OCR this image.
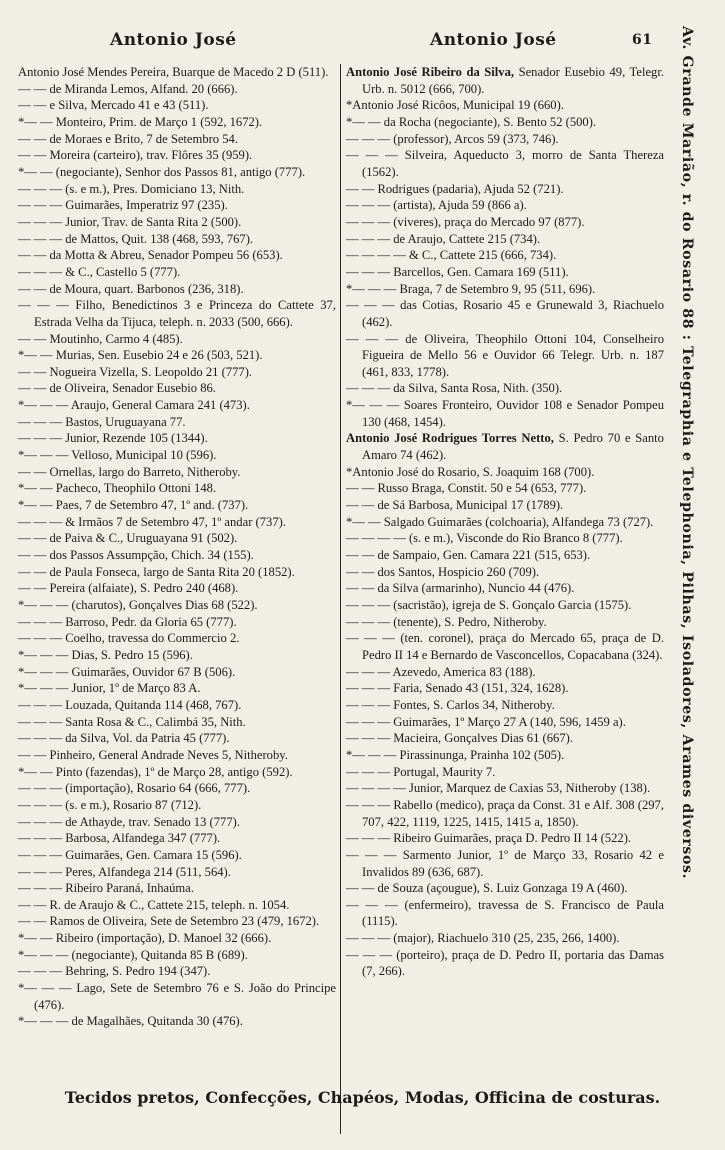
Antonio José	Antonio José	61
Antonio José Mendes Pereira, Buarque de Macedo 2 D (511).
— — de Miranda Lemos, Alfand. 20 (666).
— — e Silva, Mercado 41 e 43 (511).
*— — Monteiro, Prim. de Março 1 (592, 1672).
— — de Moraes e Brito, 7 de Setembro 54.
— — Moreira (carteiro), trav. Flôres 35 (959).
*— — (negociante), Senhor dos Passos 81, antigo (777).
— — — (s. e m.), Pres. Domiciano 13, Nith.
— — — Guimarães, Imperatriz 97 (235).
— — — Junior, Trav. de Santa Rita 2 (500).
— — — de Mattos, Quit. 138 (468, 593, 767).
— — da Motta & Abreu, Senador Pompeu 56 (653).
— — — & C., Castello 5 (777).
— — de Moura, quart. Barbonos (236, 318).
— — — Filho, Benedictinos 3 e Princeza do Cattete 37, Estrada Velha da Tijuca, teleph. n. 2033 (500, 666).
— — Moutinho, Carmo 4 (485).
*— — Murias, Sen. Eusebio 24 e 26 (503, 521).
— — Nogueira Vizella, S. Leopoldo 21 (777).
— — de Oliveira, Senador Eusebio 86.
*— — — Araujo, General Camara 241 (473).
— — — Bastos, Uruguayana 77.
— — — Junior, Rezende 105 (1344).
*— — — Velloso, Municipal 10 (596).
— — Ornellas, largo do Barreto, Nitheroby.
*— — Pacheco, Theophilo Ottoni 148.
*— — Paes, 7 de Setembro 47, 1º and. (737).
— — — & Irmãos 7 de Setembro 47, 1º andar (737).
— — de Paiva & C., Uruguayana 91 (502).
— — dos Passos Assumpção, Chich. 34 (155).
— — de Paula Fonseca, largo de Santa Rita 20 (1852).
— — Pereira (alfaiate), S. Pedro 240 (468).
*— — — (charutos), Gonçalves Dias 68 (522).
— — — Barroso, Pedr. da Gloria 65 (777).
— — — Coelho, travessa do Commercio 2.
*— — — Dias, S. Pedro 15 (596).
*— — — Guimarães, Ouvidor 67 B (506).
*— — — Junior, 1º de Março 83 A.
— — — Louzada, Quitanda 114 (468, 767).
— — — Santa Rosa & C., Calimbá 35, Nith.
— — — da Silva, Vol. da Patria 45 (777).
— — Pinheiro, General Andrade Neves 5, Nitheroby.
*— — Pinto (fazendas), 1º de Março 28, antigo (592).
— — — (importação), Rosario 64 (666, 777).
— — — (s. e m.), Rosario 87 (712).
— — — de Athayde, trav. Senado 13 (777).
— — — Barbosa, Alfandega 347 (777).
— — — Guimarães, Gen. Camara 15 (596).
— — — Peres, Alfandega 214 (511, 564).
— — — Ribeiro Paraná, Inhaúma.
— — R. de Araujo & C., Cattete 215, teleph. n. 1054.
— — Ramos de Oliveira, Sete de Setembro 23 (479, 1672).
*— — Ribeiro (importação), D. Manoel 32 (666).
*— — — (negociante), Quitanda 85 B (689).
— — — Behring, S. Pedro 194 (347).
*— — — Lago, Sete de Setembro 76 e S. João do Principe (476).
*— — — de Magalhães, Quitanda 30 (476).
Antonio José Ribeiro da Silva, Senador Eusebio 49, Telegr. Urb. n. 5012 (666, 700).
*Antonio José Ricôos, Municipal 19 (660).
*— — da Rocha (negociante), S. Bento 52 (500).
— — — (professor), Arcos 59 (373, 746).
— — — Silveira, Aqueducto 3, morro de Santa Thereza (1562).
— — Rodrigues (padaria), Ajuda 52 (721).
— — — (artista), Ajuda 59 (866 a).
— — — (viveres), praça do Mercado 97 (877).
— — — de Araujo, Cattete 215 (734).
— — — — & C., Cattete 215 (666, 734).
— — — Barcellos, Gen. Camara 169 (511).
*— — — Braga, 7 de Setembro 9, 95 (511, 696).
— — — das Cotias, Rosario 45 e Grunewald 3, Riachuelo (462).
— — — de Oliveira, Theophilo Ottoni 104, Conselheiro Figueira de Mello 56 e Ouvidor 66 Telegr. Urb. n. 187 (461, 833, 1778).
— — — da Silva, Santa Rosa, Nith. (350).
*— — — Soares Fronteiro, Ouvidor 108 e Senador Pompeu 130 (468, 1454).
Antonio José Rodrigues Torres Netto, S. Pedro 70 e Santo Amaro 74 (462).
*Antonio José do Rosario, S. Joaquim 168 (700).
— — Russo Braga, Constit. 50 e 54 (653, 777).
— — de Sá Barbosa, Municipal 17 (1789).
*— — Salgado Guimarães (colchoaria), Alfandega 73 (727).
— — — — (s. e m.), Visconde do Rio Branco 8 (777).
— — de Sampaio, Gen. Camara 221 (515, 653).
— — dos Santos, Hospicio 260 (709).
— — da Silva (armarinho), Nuncio 44 (476).
— — — (sacristão), igreja de S. Gonçalo Garcia (1575).
— — — (tenente), S. Pedro, Nitheroby.
— — — (ten. coronel), praça do Mercado 65, praça de D. Pedro II 14 e Bernardo de Vasconcellos, Copacabana (324).
— — — Azevedo, America 83 (188).
— — — Faria, Senado 43 (151, 324, 1628).
— — — Fontes, S. Carlos 34, Nitheroby.
— — — Guimarães, 1º Março 27 A (140, 596, 1459 a).
— — — Macieira, Gonçalves Dias 61 (667).
*— — — Pirassinunga, Prainha 102 (505).
— — — Portugal, Maurity 7.
— — — — Junior, Marquez de Caxias 53, Nitheroby (138).
— — — Rabello (medico), praça da Const. 31 e Alf. 308 (297, 707, 422, 1119, 1225, 1415, 1415 a, 1850).
— — — Ribeiro Guimarães, praça D. Pedro II 14 (522).
— — — Sarmento Junior, 1º de Março 33, Rosario 42 e Invalidos 89 (636, 687).
— — de Souza (açougue), S. Luiz Gonzaga 19 A (460).
— — — (enfermeiro), travessa de S. Francisco de Paula (1115).
— — — (major), Riachuelo 310 (25, 235, 266, 1400).
— — — (porteiro), praça de D. Pedro II, portaria das Damas (7, 266).
Av. Grande Marião, r. do Rosario 88 : Telegraphia e Telephonia, Pilhas, Isoladores, Arames diversos.
Tecidos pretos, Confecções, Chapéos, Modas, Officina de costuras.
